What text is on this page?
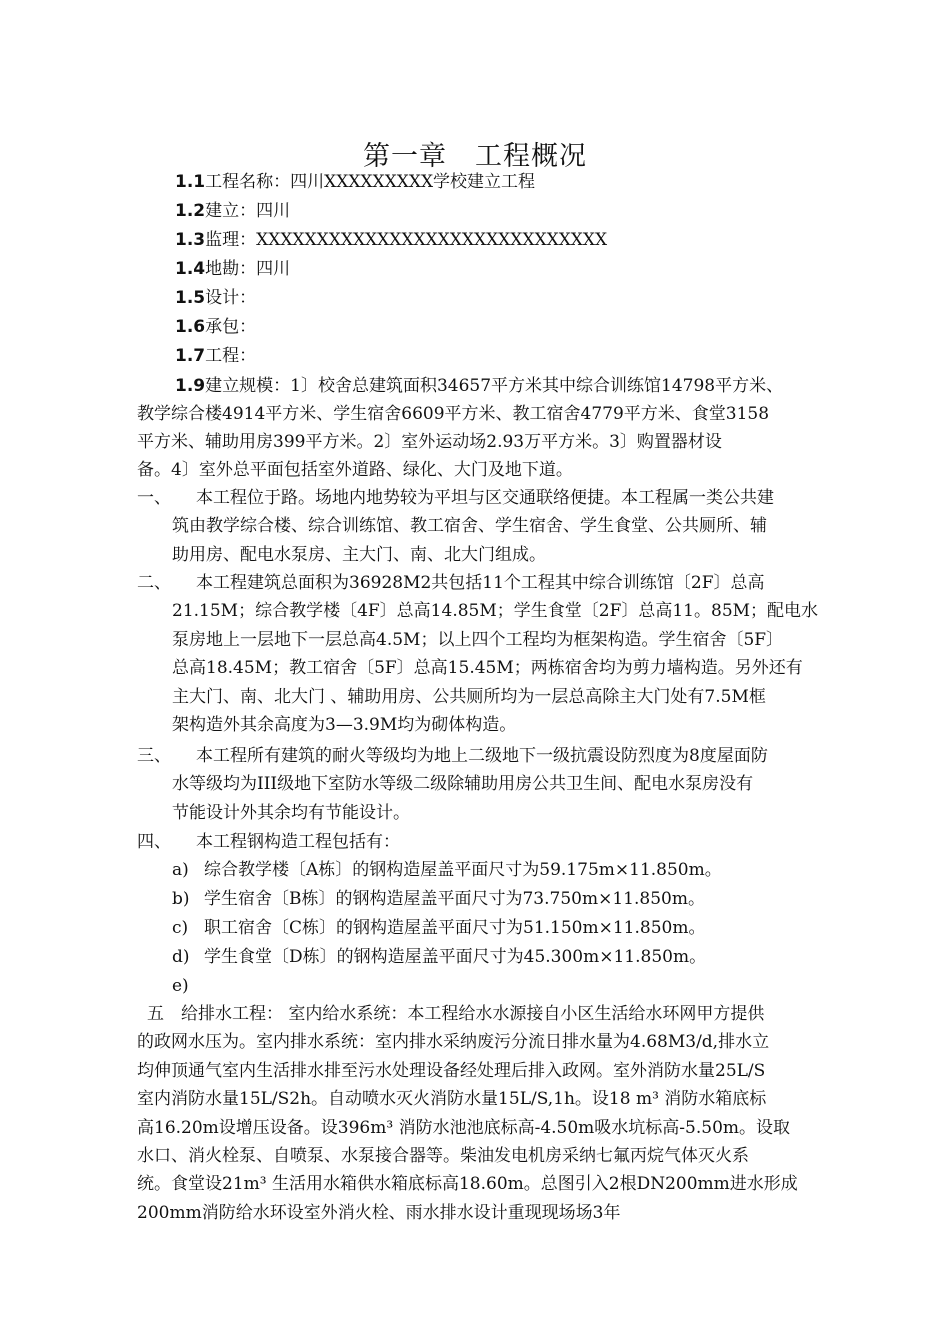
第一章　工程概况
1.1工程名称：四川XXXXXXXXX学校建立工程
1.2建立：四川
1.3监理：XXXXXXXXXXXXXXXXXXXXXXXXXXXXX
1.4地勘：四川
1.5设计：
1.6承包：
1.7工程：
1.9建立规模：1〕校舍总建筑面积34657平方米其中综合训练馆14798平方米、
教学综合楼4914平方米、学生宿舍6609平方米、教工宿舍4779平方米、食堂3158
平方米、辅助用房399平方米。2〕室外运动场2.93万平方米。3〕购置器材设
备。4〕室外总平面包括室外道路、绿化、大门及地下道。
一、	本工程位于路。场地内地势较为平坦与区交通联络便捷。本工程属一类公共建
筑由教学综合楼、综合训练馆、教工宿舍、学生宿舍、学生食堂、公共厕所、辅
助用房、配电水泵房、主大门、南、北大门组成。
二、	本工程建筑总面积为36928M2共包括11个工程其中综合训练馆〔2F〕总高
21.15M；综合教学楼〔4F〕总高14.85M；学生食堂〔2F〕总高11。85M；配电水
泵房地上一层地下一层总高4.5M；以上四个工程均为框架构造。学生宿舍〔5F〕
总高18.45M；教工宿舍〔5F〕总高15.45M；两栋宿舍均为剪力墙构造。另外还有
主大门、南、北大门 、辅助用房、公共厕所均为一层总高除主大门处有7.5M框
架构造外其余高度为3—3.9M均为砌体构造。
三、	本工程所有建筑的耐火等级均为地上二级地下一级抗震设防烈度为8度屋面防
水等级均为III级地下室防水等级二级除辅助用房公共卫生间、配电水泵房没有
节能设计外其余均有节能设计。
四、 本工程钢构造工程包括有：
a) 综合教学楼〔A栋〕的钢构造屋盖平面尺寸为59.175m×11.850m。
b) 学生宿舍〔B栋〕的钢构造屋盖平面尺寸为73.750m×11.850m。
c) 职工宿舍〔C栋〕的钢构造屋盖平面尺寸为51.150m×11.850m。
d) 学生食堂〔D栋〕的钢构造屋盖平面尺寸为45.300m×11.850m。
e)
五　给排水工程： 室内给水系统：本工程给水水源接自小区生活给水环网甲方提供
的政网水压为。室内排水系统：室内排水采纳废污分流日排水量为4.68M3/d,排水立
均伸顶通气室内生活排水排至污水处理设备经处理后排入政网。室外消防水量25L/S
室内消防水量15L/S2h。自动喷水灭火消防水量15L/S,1h。设18 m³ 消防水箱底标
高16.20m设增压设备。设396m³ 消防水池池底标高-4.50m吸水坑标高-5.50m。设取
水口、消火栓泵、自喷泵、水泵接合器等。柴油发电机房采纳七氟丙烷气体灭火系
统。食堂设21m³ 生活用水箱供水箱底标高18.60m。总图引入2根DN200mm进水形成
200mm消防给水环设室外消火栓、雨水排水设计重现现场场3年
